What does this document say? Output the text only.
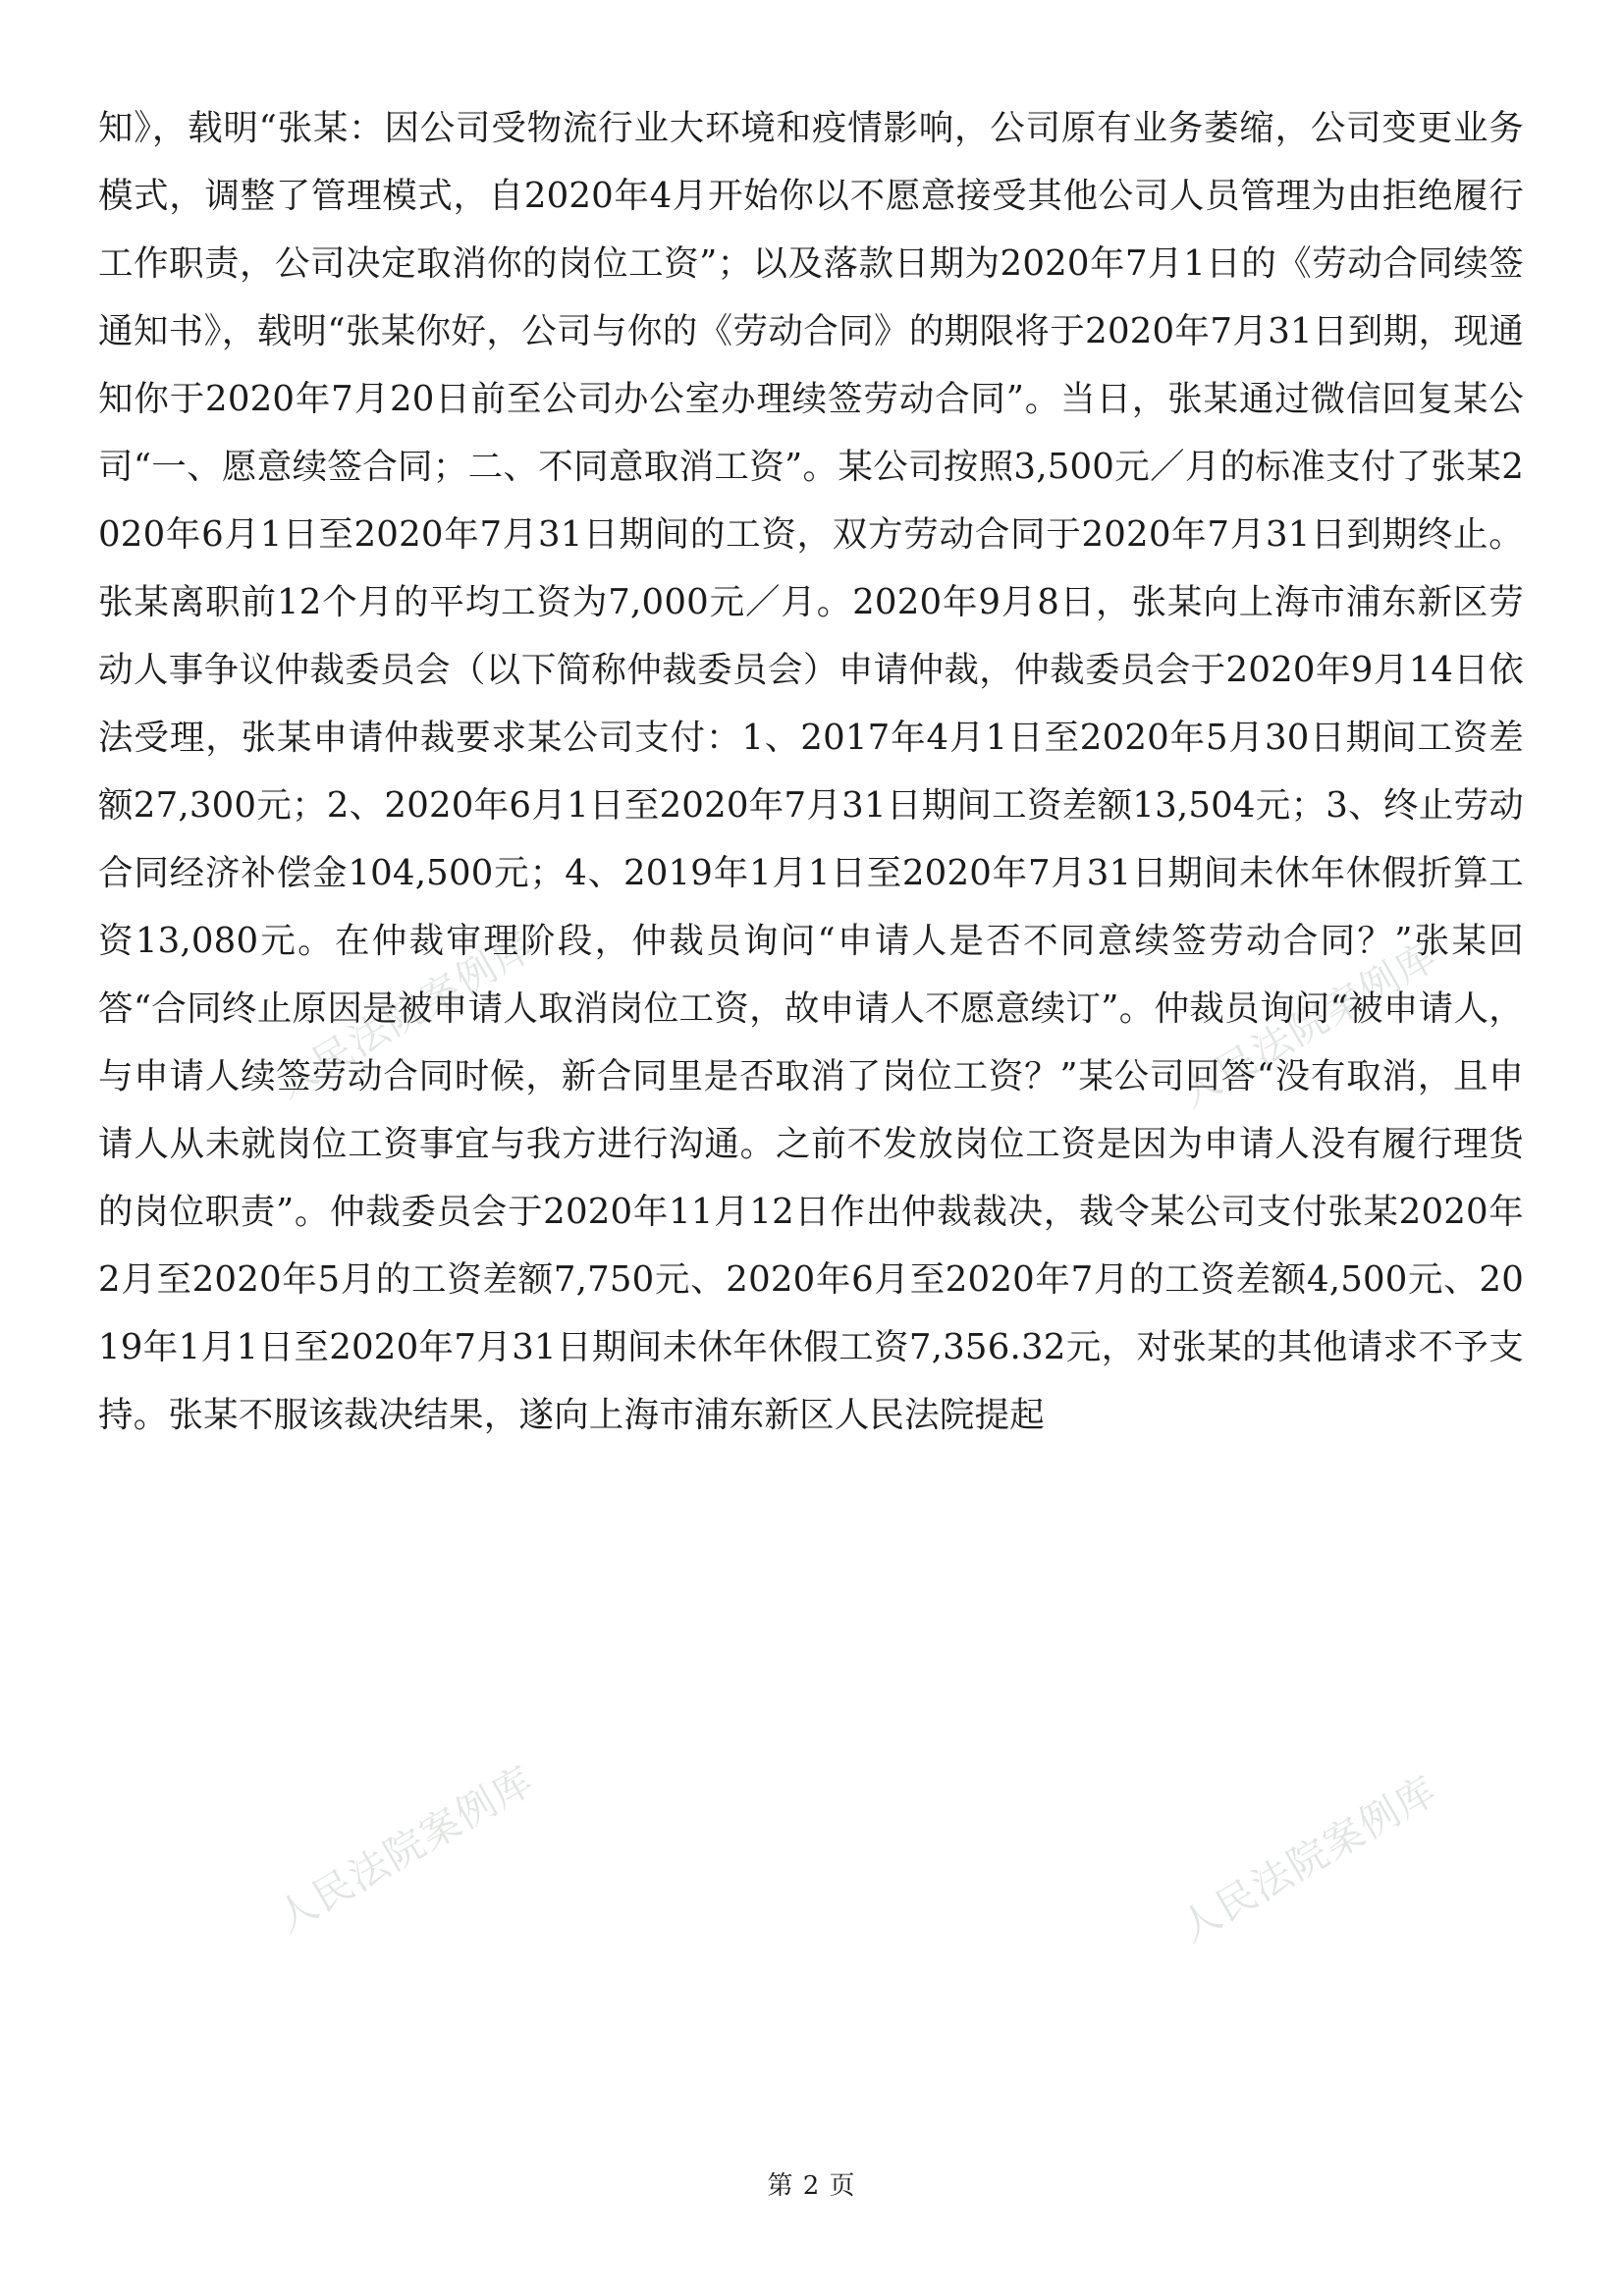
人民法院案例库	人民法院案例库
人民法院案例库	人民法院案例库
知》，载明“张某：因公司受物流行业大环境和疫情影响，公司原有业务萎缩，公司变更业务模式，调整了管理模式，自2020年4月开始你以不愿意接受其他公司人员管理为由拒绝履行工作职责，公司决定取消你的岗位工资”；以及落款日期为2020年7月1日的《劳动合同续签通知书》，载明“张某你好，公司与你的《劳动合同》的期限将于2020年7月31日到期，现通知你于2020年7月20日前至公司办公室办理续签劳动合同”。当日，张某通过微信回复某公司“一、愿意续签合同；二、不同意取消工资”。某公司按照3,500元／月的标准支付了张某2020年6月1日至2020年7月31日期间的工资，双方劳动合同于2020年7月31日到期终止。张某离职前12个月的平均工资为7,000元／月。2020年9月8日，张某向上海市浦东新区劳动人事争议仲裁委员会（以下简称仲裁委员会）申请仲裁，仲裁委员会于2020年9月14日依法受理，张某申请仲裁要求某公司支付：1、2017年4月1日至2020年5月30日期间工资差额27,300元；2、2020年6月1日至2020年7月31日期间工资差额13,504元；3、终止劳动合同经济补偿金104,500元；4、2019年1月1日至2020年7月31日期间未休年休假折算工资13,080元。在仲裁审理阶段，仲裁员询问“申请人是否不同意续签劳动合同？”张某回答“合同终止原因是被申请人取消岗位工资，故申请人不愿意续订”。仲裁员询问“被申请人，与申请人续签劳动合同时候，新合同里是否取消了岗位工资？”某公司回答“没有取消，且申请人从未就岗位工资事宜与我方进行沟通。之前不发放岗位工资是因为申请人没有履行理货的岗位职责”。仲裁委员会于2020年11月12日作出仲裁裁决，裁令某公司支付张某2020年2月至2020年5月的工资差额7,750元、2020年6月至2020年7月的工资差额4,500元、2019年1月1日至2020年7月31日期间未休年休假工资7,356.32元，对张某的其他请求不予支持。张某不服该裁决结果，遂向上海市浦东新区人民法院提起
第 2 页
